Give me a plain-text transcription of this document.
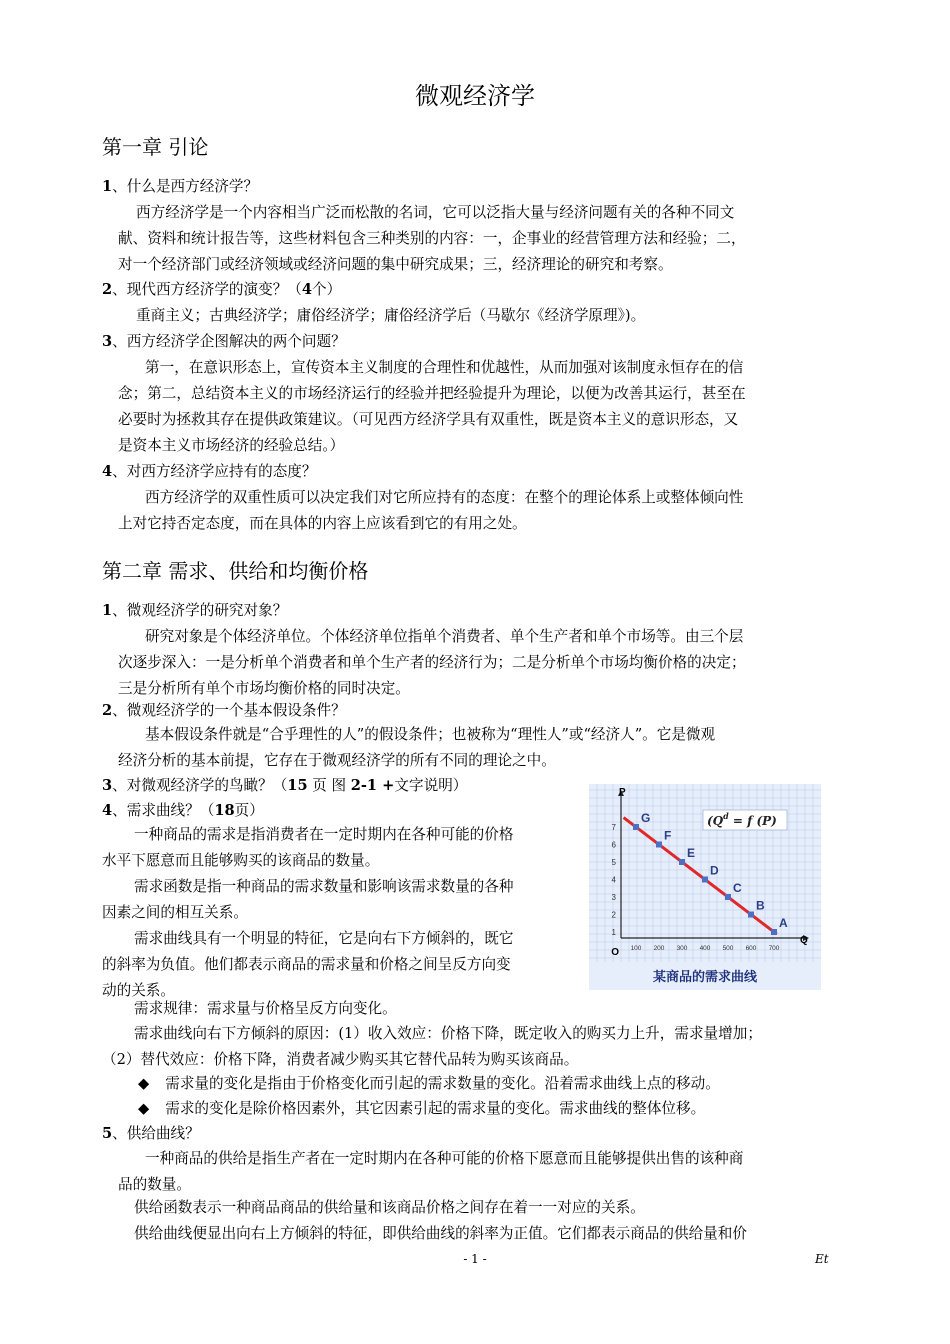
微观经济学
第一章 引论
1、什么是西方经济学？
西方经济学是一个内容相当广泛而松散的名词，它可以泛指大量与经济问题有关的各种不同文
献、资料和统计报告等，这些材料包含三种类别的内容：一，企事业的经营管理方法和经验；二，
对一个经济部门或经济领域或经济问题的集中研究成果；三，经济理论的研究和考察。
2、现代西方经济学的演变？（4个）
重商主义；古典经济学；庸俗经济学；庸俗经济学后（马歇尔《经济学原理》)。
3、西方经济学企图解决的两个问题？
第一，在意识形态上，宣传资本主义制度的合理性和优越性，从而加强对该制度永恒存在的信
念；第二，总结资本主义的市场经济运行的经验并把经验提升为理论，以便为改善其运行，甚至在
必要时为拯救其存在提供政策建议。（可见西方经济学具有双重性，既是资本主义的意识形态，又
是资本主义市场经济的经验总结。）
4、对西方经济学应持有的态度？
西方经济学的双重性质可以决定我们对它所应持有的态度：在整个的理论体系上或整体倾向性
上对它持否定态度，而在具体的内容上应该看到它的有用之处。
第二章 需求、供给和均衡价格
1、微观经济学的研究对象？
研究对象是个体经济单位。个体经济单位指单个消费者、单个生产者和单个市场等。由三个层
次逐步深入：一是分析单个消费者和单个生产者的经济行为；二是分析单个市场均衡价格的决定；
三是分析所有单个市场均衡价格的同时决定。
2、微观经济学的一个基本假设条件？
基本假设条件就是“合乎理性的人”的假设条件；也被称为“理性人”或“经济人”。它是微观
经济分析的基本前提，它存在于微观经济学的所有不同的理论之中。
3、对微观经济学的鸟瞰？（15 页 图 2-1 +文字说明）
4、需求曲线？（18页）
一种商品的需求是指消费者在一定时期内在各种可能的价格
水平下愿意而且能够购买的该商品的数量。
需求函数是指一种商品的需求数量和影响该需求数量的各种
因素之间的相互关系。
需求曲线具有一个明显的特征，它是向右下方倾斜的，既它
的斜率为负值。他们都表示商品的需求量和价格之间呈反方向变
动的关系。
需求规律：需求量与价格呈反方向变化。
需求曲线向右下方倾斜的原因：(1）收入效应：价格下降，既定收入的购买力上升，需求量增加；
（2）替代效应：价格下降，消费者减少购买其它替代品转为购买该商品。
◆ 需求量的变化是指由于价格变化而引起的需求数量的变化。沿着需求曲线上点的移动。
◆ 需求的变化是除价格因素外，其它因素引起的需求量的变化。需求曲线的整体位移。
5、供给曲线？
一种商品的供给是指生产者在一定时期内在各种可能的价格下愿意而且能够提供出售的该种商
品的数量。
供给函数表示一种商品商品的供给量和该商品价格之间存在着一一对应的关系。
供给曲线便显出向右上方倾斜的特征，即供给曲线的斜率为正值。它们都表示商品的供给量和价
P
Q
O 100 200 300 400 500 600 700
1
2
3
4
5
6
7	($Q^d = f$ (P)
G
F
E
D
C
B
A
某商品的需求曲线
- 1 -	Et
